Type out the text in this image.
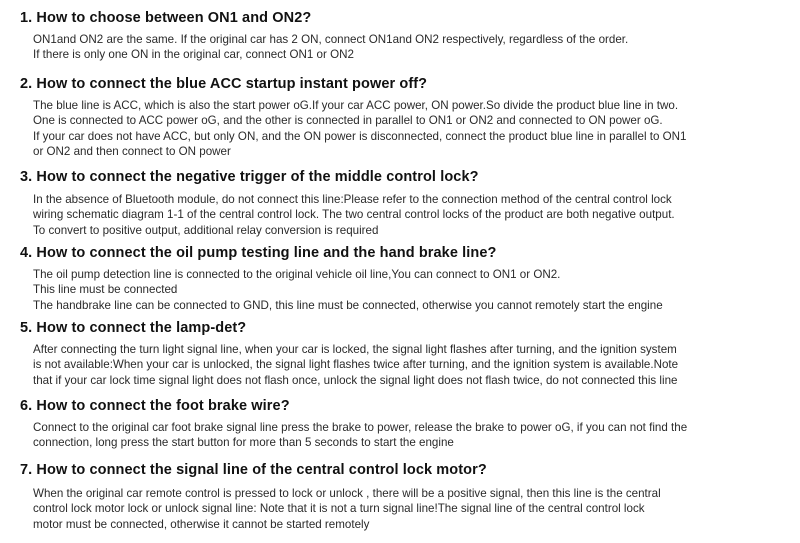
1. How to choose between ON1 and ON2?

ON1and ON2 are the same. If the original car has 2 ON, connect ON1and ON2 respectively, regardless of the order.

If there is only one ON in the original car, connect ON1 or ON2

2. How to connect the blue ACC startup instant power off?

The blue line is ACC, which is also the start power oG.If your car ACC power, ON power.So divide the product blue line in two.

One is connected to ACC power oG, and the other is connected in parallel to ON1 or ON2 and connected to ON power oG.

If your car does not have ACC, but only ON, and the ON power is disconnected, connect the product blue line in parallel to ON1

or ON2 and then connect to ON power

3. How to connect the negative trigger of the middle control lock?

In the absence of Bluetooth module, do not connect this line:Please refer to the connection method of the central control lock

wiring schematic diagram 1-1 of the central control lock. The two central control locks of the product are both negative output.

To convert to positive output, additional relay conversion is required

4. How to connect the oil pump testing line and the hand brake line?

The oil pump detection line is connected to the original vehicle oil line,You can connect to ON1 or ON2.

This line must be connected

The handbrake line can be connected to GND, this line must be connected, otherwise you cannot remotely start the engine

5. How to connect the lamp-det?

After connecting the turn light signal line, when your car is locked, the signal light flashes after turning, and the ignition system

is not available:When your car is unlocked, the signal light flashes twice after turning, and the ignition system is available.Note

that if your car lock time signal light does not flash once, unlock the signal light does not flash twice, do not connected this line

6. How to connect the foot brake wire?

Connect to the original car foot brake signal line press the brake to power, release the brake to power oG, if you can not find the

connection, long press the start button for more than 5 seconds to start the engine

7. How to connect the signal line of the central control lock motor?

When the original car remote control is pressed to lock or unlock , there will be a positive signal, then this line is the central

control lock motor lock or unlock signal line: Note that it is not a turn signal line!The signal line of the central control lock

motor must be connected, otherwise it cannot be started remotely
